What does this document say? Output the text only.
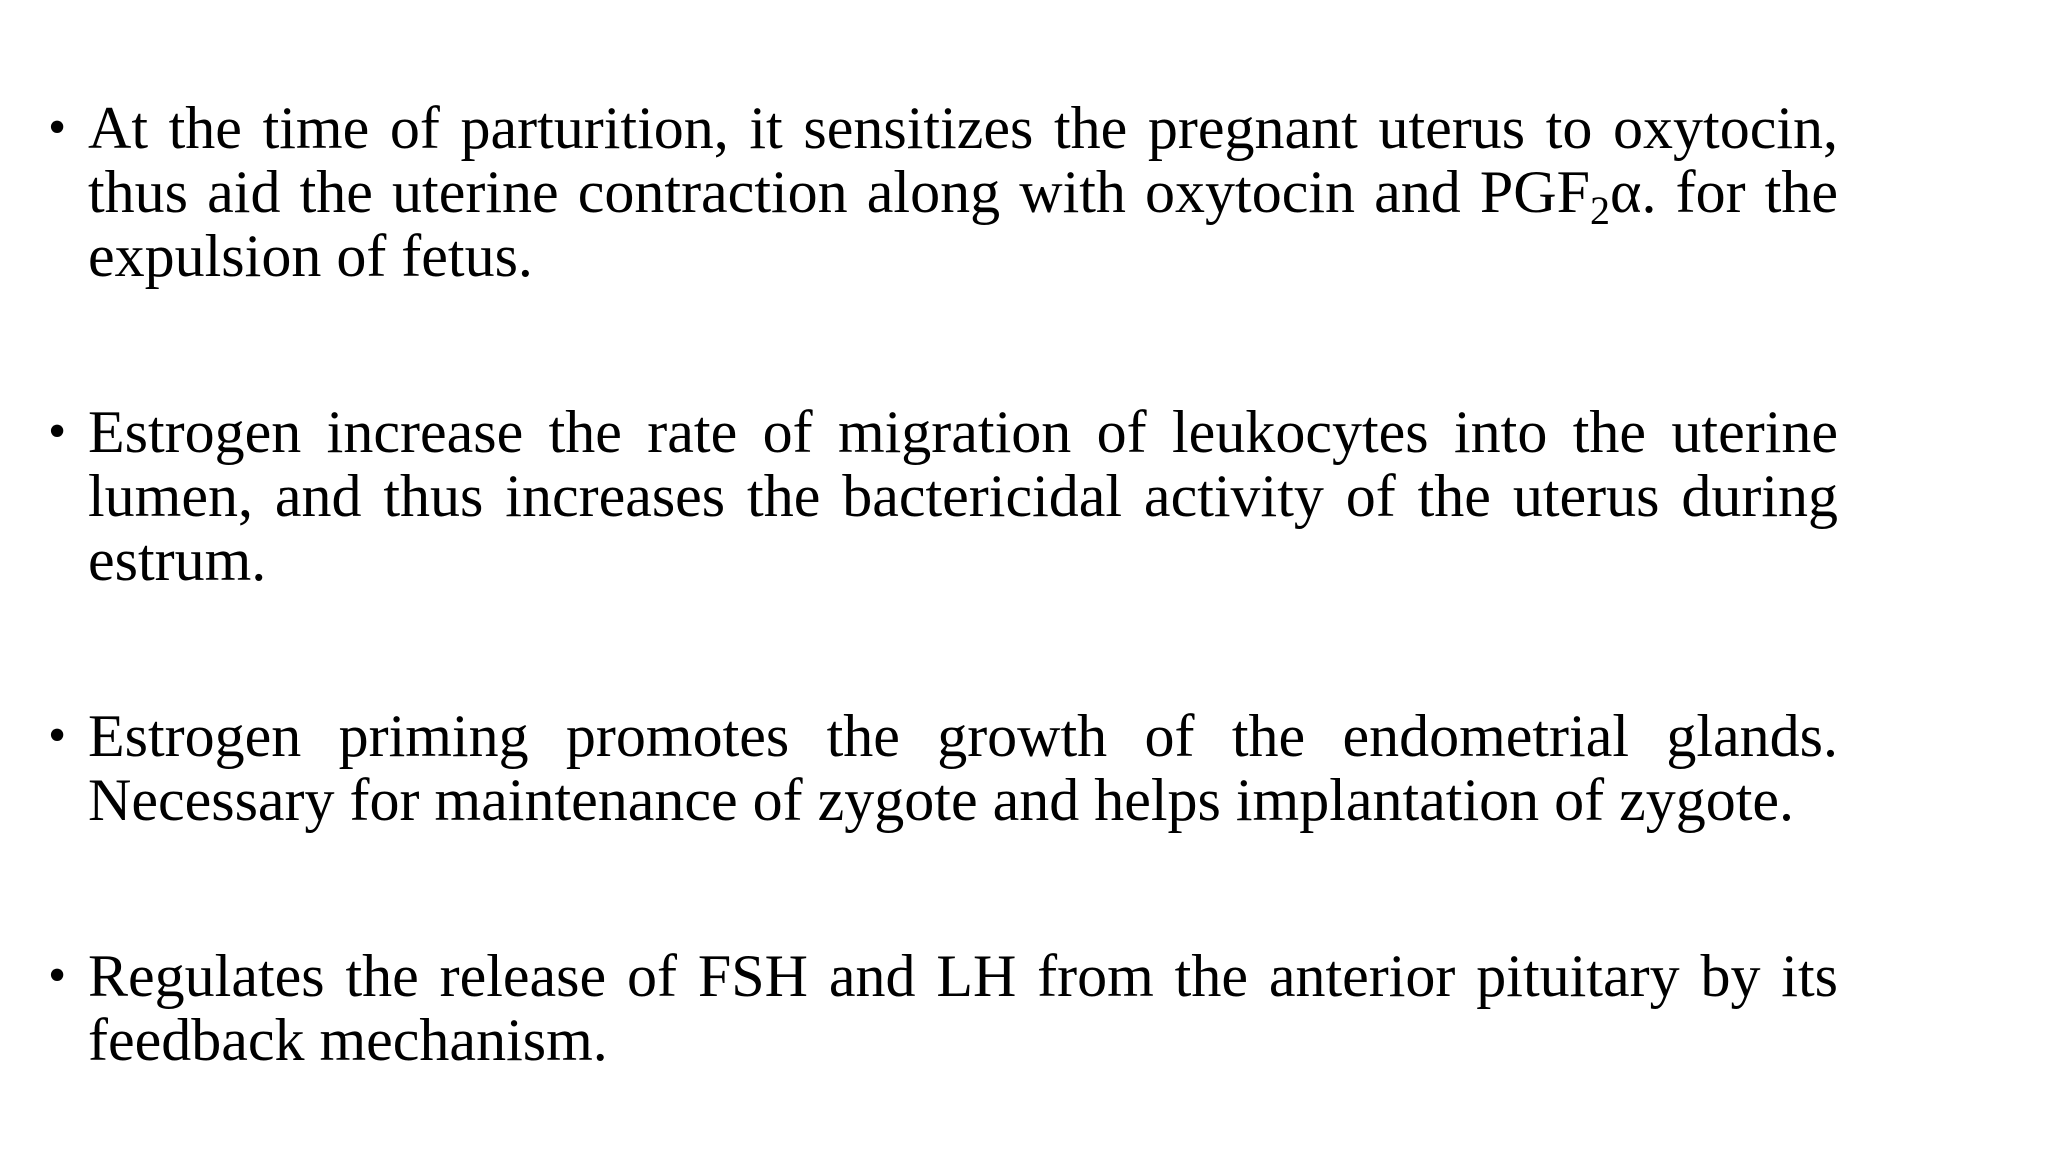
• At the time of parturition, it sensitizes the pregnant uterus to oxytocin, thus aid the uterine contraction along with oxytocin and $PGF_2\alpha$. for the expulsion of fetus.
• Estrogen increase the rate of migration of leukocytes into the uterine lumen, and thus increases the bactericidal activity of the uterus during estrum.
• Estrogen priming promotes the growth of the endometrial glands. Necessary for maintenance of zygote and helps implantation of zygote.
• Regulates the release of FSH and LH from the anterior pituitary by its feedback mechanism.
